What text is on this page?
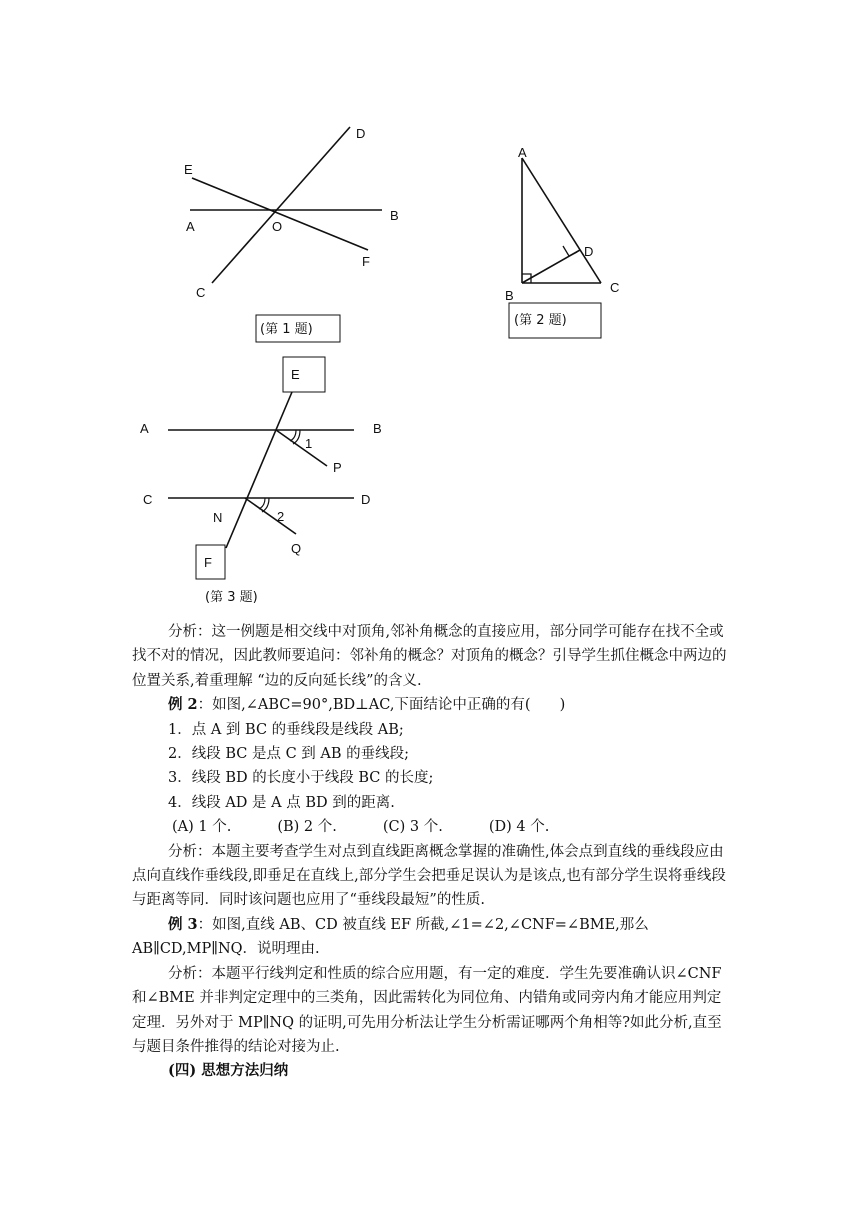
D
E
A	O
B
F
C
(第 1 题)
A
D
B
C
(第 2 题)
E
A	B
1
P
C	D
N	2
Q
F
(第 3 题)

分析：这一例题是相交线中对顶角,邻补角概念的直接应用，部分同学可能存在找不全或找不对的情况，因此教师要追问：邻补角的概念？对顶角的概念？引导学生抓住概念中两边的位置关系,着重理解 “边的反向延长线”的含义.

例 2：如图,∠ABC=90°,BD⊥AC,下面结论中正确的有(　　)

1．点 A 到 BC 的垂线段是线段 AB;

2．线段 BC 是点 C 到 AB 的垂线段;

3．线段 BD 的长度小于线段 BC 的长度;

4．线段 AD 是 A 点 BD 到的距离.

(A) 1 个.	(B) 2 个.	(C) 3 个.	(D) 4 个.

分析：本题主要考查学生对点到直线距离概念掌握的准确性,体会点到直线的垂线段应由点向直线作垂线段,即垂足在直线上,部分学生会把垂足误认为是该点,也有部分学生误将垂线段与距离等同．同时该问题也应用了“垂线段最短”的性质.

例 3：如图,直线 AB、CD 被直线 EF 所截,∠1=∠2,∠CNF=∠BME,那么AB∥CD,MP∥NQ．说明理由.

分析：本题平行线判定和性质的综合应用题，有一定的难度．学生先要准确认识∠CNF 和∠BME 并非判定定理中的三类角，因此需转化为同位角、内错角或同旁内角才能应用判定定理．另外对于 MP∥NQ 的证明,可先用分析法让学生分析需证哪两个角相等?如此分析,直至与题目条件推得的结论对接为止.

(四) 思想方法归纳
